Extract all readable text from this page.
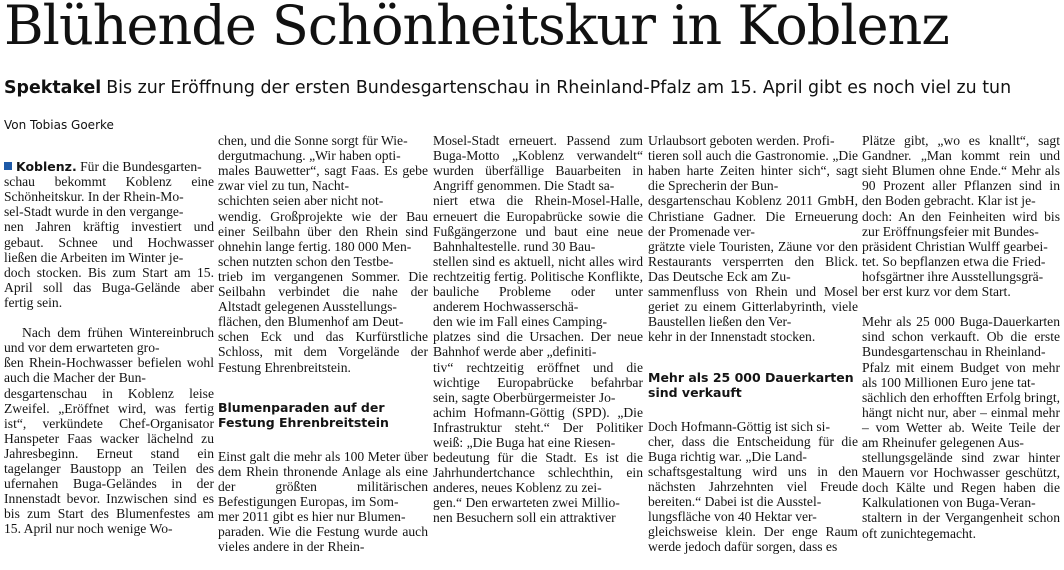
Blühende Schönheitskur in Koblenz
Spektakel Bis zur Eröffnung der ersten Bundesgartenschau in Rheinland-Pfalz am 15. April gibt es noch viel zu tun
Von Tobias Goerke

Koblenz. Für die Bundesgarten-
schau bekommt Koblenz eine Schönheitskur. In der Rhein-Mo-
sel-Stadt wurde in den vergange-
nen Jahren kräftig investiert und gebaut. Schnee und Hochwasser ließen die Arbeiten im Winter je-
doch stocken. Bis zum Start am 15. April soll das Buga-Gelände aber fertig sein.

Nach dem frühen Wintereinbruch und vor dem erwarteten gro-
ßen Rhein-Hochwasser befielen wohl auch die Macher der Bun-
desgartenschau in Koblenz leise Zweifel. „Eröffnet wird, was fertig ist“, verkündete Chef-Organisator Hanspeter Faas wacker lächelnd zu Jahresbeginn. Erneut stand ein tagelanger Baustopp an Teilen des ufernahen Buga-Geländes in der Innenstadt bevor. Inzwischen sind es bis zum Start des Blumenfestes am 15. April nur noch wenige Wo-

chen, und die Sonne sorgt für Wie-
dergutmachung. „Wir haben opti-
males Bauwetter“, sagt Faas. Es gebe zwar viel zu tun, Nacht-
schichten seien aber nicht not-
wendig. Großprojekte wie der Bau einer Seilbahn über den Rhein sind ohnehin lange fertig. 180 000 Men-
schen nutzten schon den Testbe-
trieb im vergangenen Sommer. Die Seilbahn verbindet die nahe der Altstadt gelegenen Ausstellungs-
flächen, den Blumenhof am Deut-
schen Eck und das Kurfürstliche Schloss, mit dem Vorgelände der Festung Ehrenbreitstein.

Blumenparaden auf der Festung Ehrenbreitstein

Einst galt die mehr als 100 Meter über dem Rhein thronende Anlage als eine der größten militärischen Befestigungen Europas, im Som-
mer 2011 gibt es hier nur Blumen-
paraden. Wie die Festung wurde auch vieles andere in der Rhein-

Mosel-Stadt erneuert. Passend zum Buga-Motto „Koblenz verwandelt“ wurden überfällige Bauarbeiten in Angriff genommen. Die Stadt sa-
niert etwa die Rhein-Mosel-Halle, erneuert die Europabrücke sowie die Fußgängerzone und baut eine neue Bahnhaltestelle. rund 30 Bau-
stellen sind es aktuell, nicht alles wird rechtzeitig fertig. Politische Konflikte, bauliche Probleme oder unter anderem Hochwasserschä-
den wie im Fall eines Camping-
platzes sind die Ursachen. Der neue Bahnhof werde aber „definiti-
tiv“ rechtzeitig eröffnet und die wichtige Europabrücke befahrbar sein, sagte Oberbürgermeister Jo-
achim Hofmann-Göttig (SPD). „Die Infrastruktur steht.“ Der Politiker weiß: „Die Buga hat eine Riesen-
bedeutung für die Stadt. Es ist die Jahrhundertchance schlechthin, ein anderes, neues Koblenz zu zei-
gen.“ Den erwarteten zwei Millio-
nen Besuchern soll ein attraktiver

Urlaubsort geboten werden. Profi-
tieren soll auch die Gastronomie. „Die haben harte Zeiten hinter sich“, sagt die Sprecherin der Bun-
desgartenschau Koblenz 2011 GmbH, Christiane Gadner. Die Erneuerung der Promenade ver-
grätzte viele Touristen, Zäune vor den Restaurants versperrten den Blick. Das Deutsche Eck am Zu-
sammenfluss von Rhein und Mosel geriet zu einem Gitterlabyrinth, viele Baustellen ließen den Ver-
kehr in der Innenstadt stocken.

Mehr als 25 000 Dauerkarten sind verkauft

Doch Hofmann-Göttig ist sich si-
cher, dass die Entscheidung für die Buga richtig war. „Die Land-
schaftsgestaltung wird uns in den nächsten Jahrzehnten viel Freude bereiten.“ Dabei ist die Ausstel-
lungsfläche von 40 Hektar ver-
gleichsweise klein. Der enge Raum werde jedoch dafür sorgen, dass es

Plätze gibt, „wo es knallt“, sagt Gandner. „Man kommt rein und sieht Blumen ohne Ende.“ Mehr als 90 Prozent aller Pflanzen sind in den Boden gebracht. Klar ist je-
doch: An den Feinheiten wird bis zur Eröffnungsfeier mit Bundes-
präsident Christian Wulff gearbei-
tet. So bepflanzen etwa die Fried-
hofsgärtner ihre Ausstellungsgrä-
ber erst kurz vor dem Start.

Mehr als 25 000 Buga-Dauerkarten sind schon verkauft. Ob die erste Bundesgartenschau in Rheinland-
Pfalz mit einem Budget von mehr als 100 Millionen Euro jene tat-
sächlich den erhofften Erfolg bringt, hängt nicht nur, aber – einmal mehr – vom Wetter ab. Weite Teile der am Rheinufer gelegenen Aus-
stellungsgelände sind zwar hinter Mauern vor Hochwasser geschützt, doch Kälte und Regen haben die Kalkulationen von Buga-Veran-
staltern in der Vergangenheit schon oft zunichtegemacht.
